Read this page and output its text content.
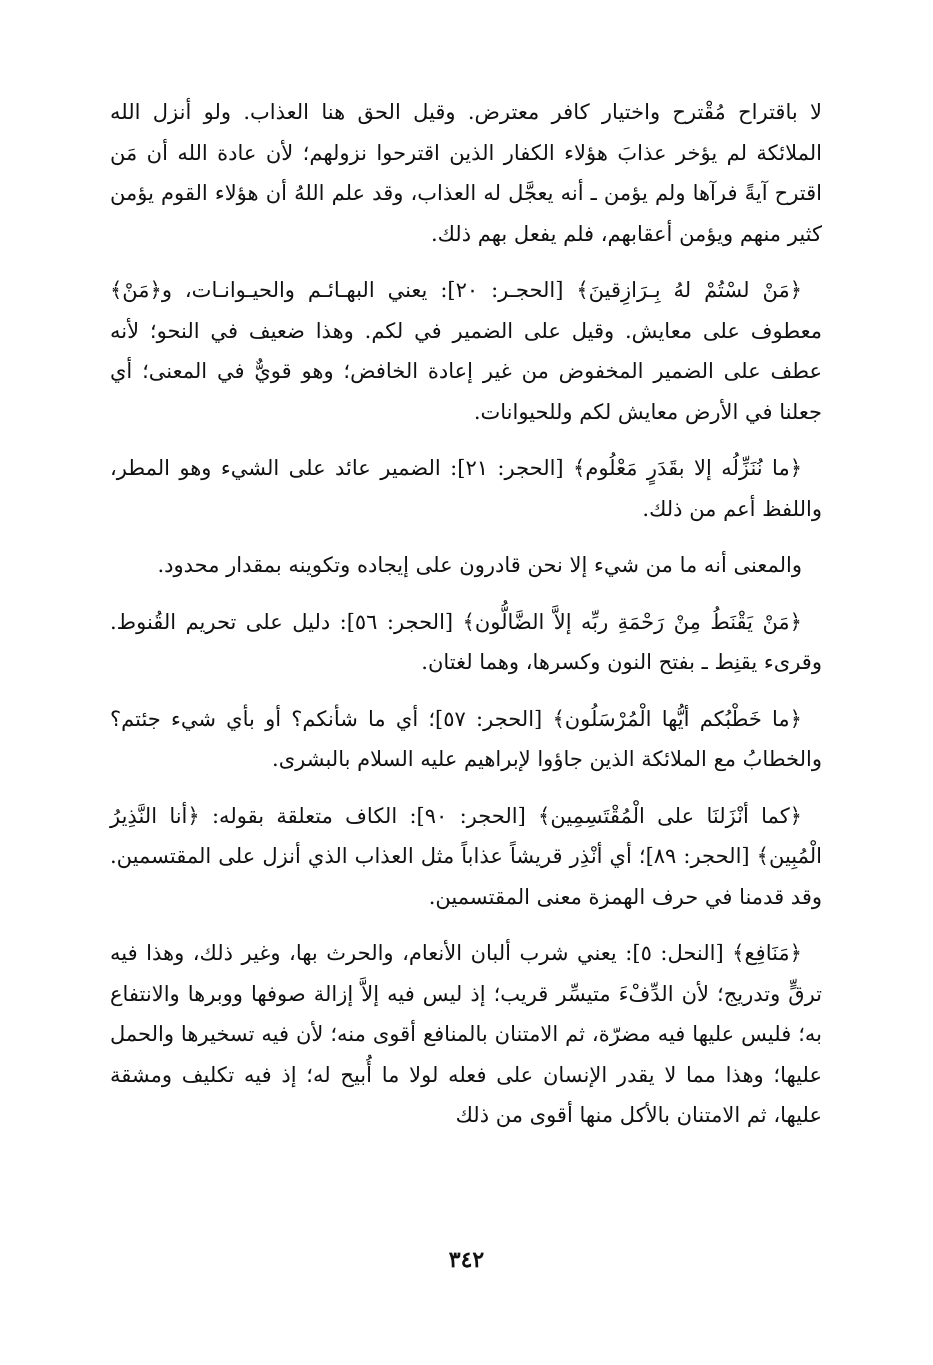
لا باقتراح مُقْترح واختيار كافر معترض. وقيل الحق هنا العذاب. ولو أنزل الله الملائكة لم يؤخر عذابَ هؤلاء الكفار الذين اقترحوا نزولهم؛ لأن عادة الله أن مَن اقترح آيةً فرآها ولم يؤمن ـ أنه يعجَّل له العذاب، وقد علم اللهُ أن هؤلاء القوم يؤمن كثير منهم ويؤمن أعقابهم، فلم يفعل بهم ذلك.

﴿مَنْ لسْتُمْ لهُ بِـرَازِقينَ﴾ [الحجـر: ٢٠]: يعني البهـائـم والحيـوانـات، و﴿مَنْ﴾ معطوف على معايش. وقيل على الضمير في لكم. وهذا ضعيف في النحو؛ لأنه عطف على الضمير المخفوض من غير إعادة الخافض؛ وهو قويٌّ في المعنى؛ أي جعلنا في الأرض معايش لكم وللحيوانات.

﴿ما نُنَزِّلُه إلا بقَدَرٍ مَعْلُوم﴾ [الحجر: ٢١]: الضمير عائد على الشيء وهو المطر، واللفظ أعم من ذلك.

والمعنى أنه ما من شيء إلا نحن قادرون على إيجاده وتكوينه بمقدار محدود.

﴿مَنْ يَقْنَطُ مِنْ رَحْمَةِ ربِّه إلاَّ الضَّالُّون﴾ [الحجر: ٥٦]: دليل على تحريم القُنوط. وقرىء يقنِط ـ بفتح النون وكسرها، وهما لغتان.

﴿ما خَطْبُكم أيُّها الْمُرْسَلُون﴾ [الحجر: ٥٧]؛ أي ما شأنكم؟ أو بأي شيء جئتم؟ والخطابُ مع الملائكة الذين جاؤوا لإبراهيم عليه السلام بالبشرى.

﴿كما أنْزَلنَا على الْمُقْتَسِمِين﴾ [الحجر: ٩٠]: الكاف متعلقة بقوله: ﴿أنا النَّذِيرُ الْمُبِين﴾ [الحجر: ٨٩]؛ أي أنْذِر قريشاً عذاباً مثل العذاب الذي أنزل على المقتسمين. وقد قدمنا في حرف الهمزة معنى المقتسمين.

﴿مَنَافِع﴾ [النحل: ٥]: يعني شرب ألبان الأنعام، والحرث بها، وغير ذلك، وهذا فيه ترقٍّ وتدريج؛ لأن الدِّفْءَ متيسِّر قريب؛ إذ ليس فيه إلاَّ إزالة صوفها ووبرها والانتفاع به؛ فليس عليها فيه مضرّة، ثم الامتنان بالمنافع أقوى منه؛ لأن فيه تسخيرها والحمل عليها؛ وهذا مما لا يقدر الإنسان على فعله لولا ما أُبيح له؛ إذ فيه تكليف ومشقة عليها، ثم الامتنان بالأكل منها أقوى من ذلك

٣٤٢
